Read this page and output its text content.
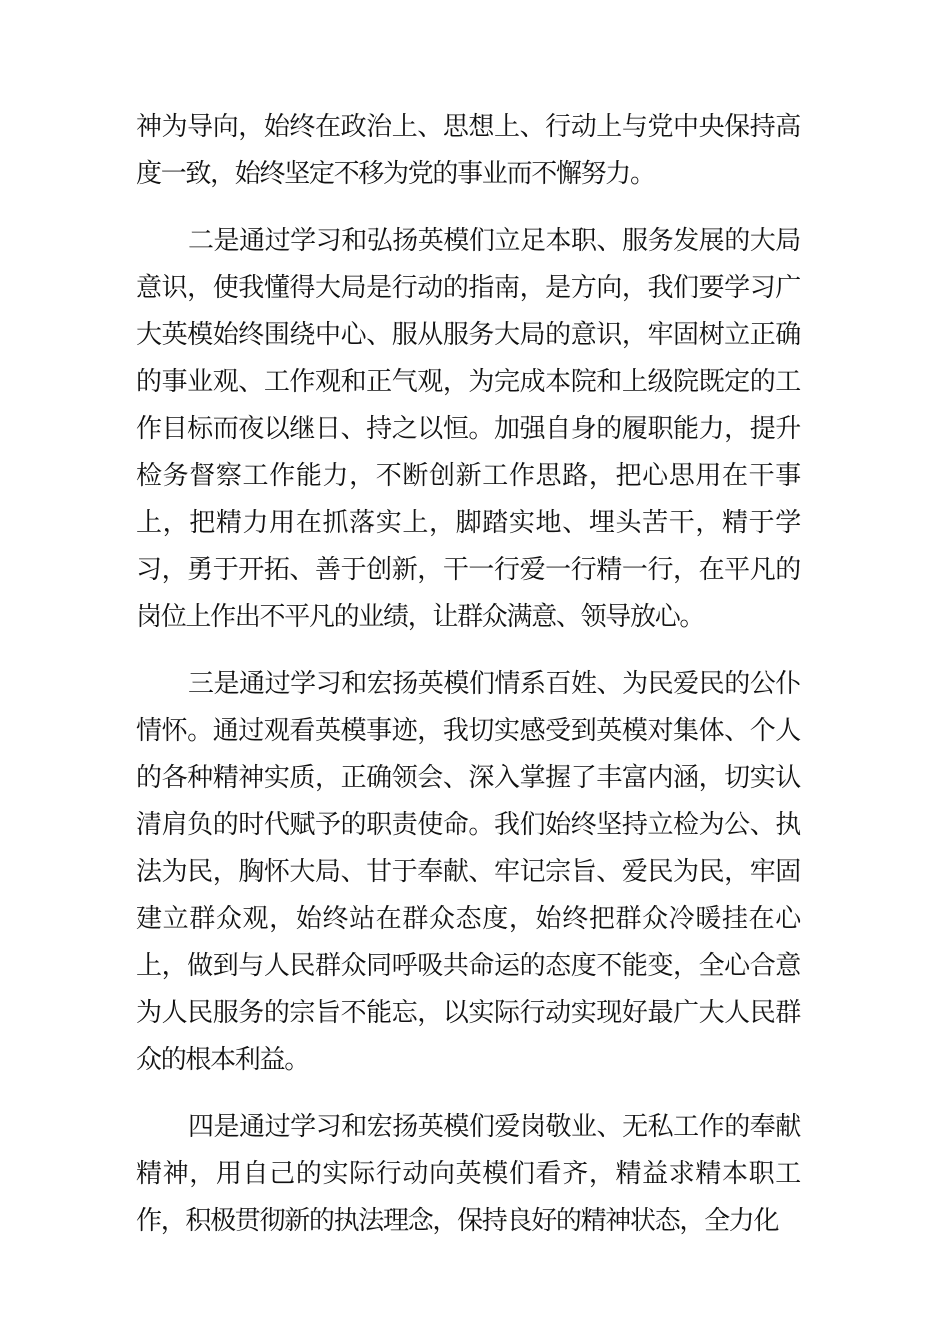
神为导向，始终在政治上、思想上、行动上与党中央保持高度一致，始终坚定不移为党的事业而不懈努力。

二是通过学习和弘扬英模们立足本职、服务发展的大局意识，使我懂得大局是行动的指南，是方向，我们要学习广大英模始终围绕中心、服从服务大局的意识，牢固树立正确的事业观、工作观和正气观，为完成本院和上级院既定的工作目标而夜以继日、持之以恒。加强自身的履职能力，提升检务督察工作能力，不断创新工作思路，把心思用在干事上，把精力用在抓落实上，脚踏实地、埋头苦干，精于学习，勇于开拓、善于创新，干一行爱一行精一行，在平凡的岗位上作出不平凡的业绩，让群众满意、领导放心。

三是通过学习和宏扬英模们情系百姓、为民爱民的公仆情怀。通过观看英模事迹，我切实感受到英模对集体、个人的各种精神实质，正确领会、深入掌握了丰富内涵，切实认清肩负的时代赋予的职责使命。我们始终坚持立检为公、执法为民，胸怀大局、甘于奉献、牢记宗旨、爱民为民，牢固建立群众观，始终站在群众态度，始终把群众冷暖挂在心上，做到与人民群众同呼吸共命运的态度不能变，全心合意为人民服务的宗旨不能忘，以实际行动实现好最广大人民群众的根本利益。

四是通过学习和宏扬英模们爱岗敬业、无私工作的奉献精神，用自己的实际行动向英模们看齐，精益求精本职工作，积极贯彻新的执法理念，保持良好的精神状态，全力化
